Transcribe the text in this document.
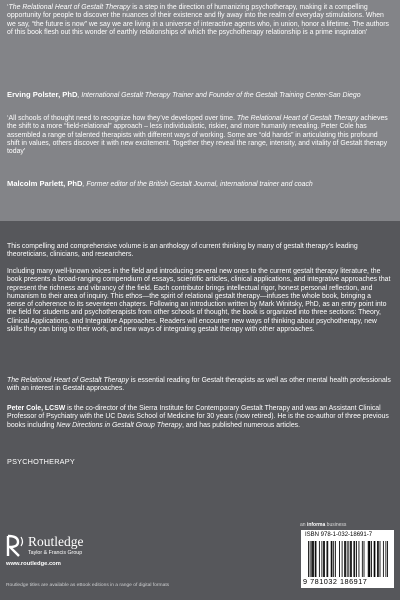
‘The Relational Heart of Gestalt Therapy is a step in the direction of humanizing psychotherapy, making it a compelling opportunity for people to discover the nuances of their existence and fly away into the realm of everyday stimulations. When we say, “the future is now” we say we are living in a universe of interactive agents who, in union, honor a lifetime. The authors of this book flesh out this wonder of earthly relationships of which the psychotherapy relationship is a prime inspiration’

Erving Polster, PhD, International Gestalt Therapy Trainer and Founder of the Gestalt Training Center-San Diego

‘All schools of thought need to recognize how they’ve developed over time. The Relational Heart of Gestalt Therapy achieves the shift to a more “field-relational” approach – less individualistic, riskier, and more humanly revealing. Peter Cole has assembled a range of talented therapists with different ways of working. Some are “old hands” in articulating this profound shift in values, others discover it with new excitement. Together they reveal the range, intensity, and vitality of Gestalt therapy today’

Malcolm Parlett, PhD, Former editor of the British Gestalt Journal, international trainer and coach

This compelling and comprehensive volume is an anthology of current thinking by many of gestalt therapy’s leading theoreticians, clinicians, and researchers.

Including many well-known voices in the field and introducing several new ones to the current gestalt therapy literature, the book presents a broad-ranging compendium of essays, scientific articles, clinical applications, and integrative approaches that represent the richness and vibrancy of the field. Each contributor brings intellectual rigor, honest personal reflection, and humanism to their area of inquiry. This ethos—the spirit of relational gestalt therapy—infuses the whole book, bringing a sense of coherence to its seventeen chapters. Following an introduction written by Mark Winitsky, PhD, as an entry point into the field for students and psychotherapists from other schools of thought, the book is organized into three sections: Theory, Clinical Applications, and Integrative Approaches. Readers will encounter new ways of thinking about psychotherapy, new skills they can bring to their work, and new ways of integrating gestalt therapy with other approaches.

The Relational Heart of Gestalt Therapy is essential reading for Gestalt therapists as well as other mental health professionals with an interest in Gestalt approaches.

Peter Cole, LCSW is the co-director of the Sierra Institute for Contemporary Gestalt Therapy and was an Assistant Clinical Professor of Psychiatry with the UC Davis School of Medicine for 30 years (now retired). He is the co-author of three previous books including New Directions in Gestalt Group Therapy, and has published numerous articles.

PSYCHOTHERAPY

Routledge
Taylor & Francis Group

www.routledge.com

Routledge titles are available as eBook editions in a range of digital formats

an informa business

ISBN 978-1-032-18691-7

9 781032 186917
